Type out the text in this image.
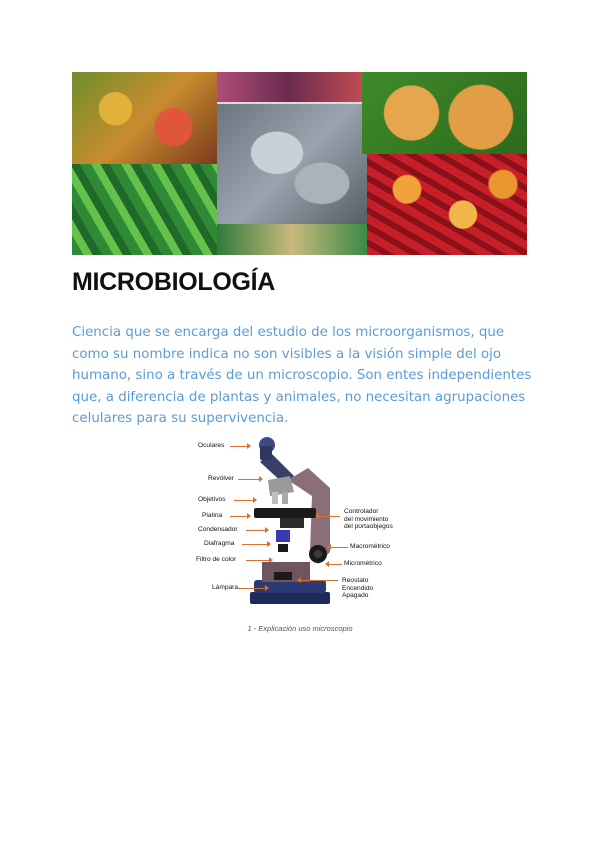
MICROBIOLOGÍA

Ciencia que se encarga del estudio de los microorganismos, que como su nombre indica no son visibles a la visión simple del ojo humano, sino a través de un microscopio. Son entes independientes que, a diferencia de plantas y animales, no necesitan agrupaciones celulares para su supervivencia.

Oculares
Revólver
Objetivos
Platina
Condensador
Diafragma
Filtro de color
Lámpara
Controlador
del movimiento
del portaobjegos
Macrométrico
Micrométrico
Reostato
Encendido
Apagado

1 - Explicación uso microscopio
